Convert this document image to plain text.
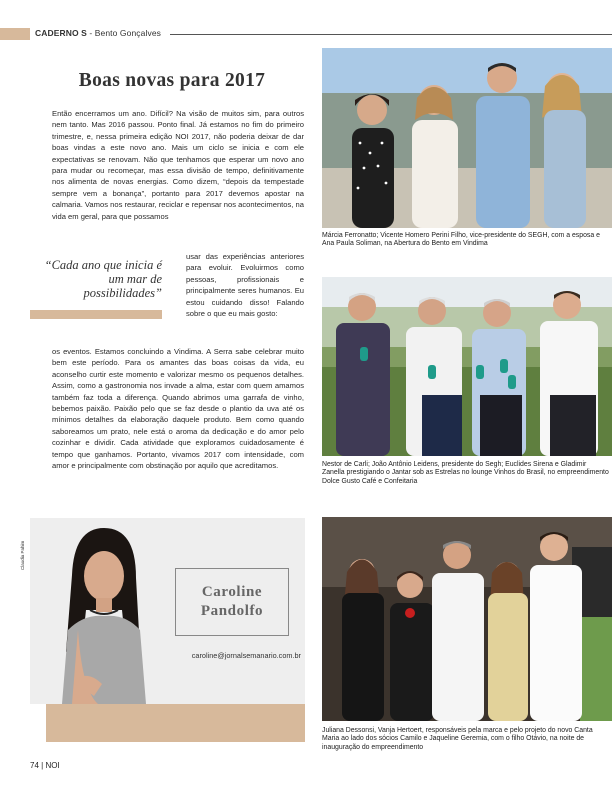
CADERNO S - Bento Gonçalves
Boas novas para 2017

Então encerramos um ano. Difícil? Na visão de muitos sim, para outros nem tanto. Mas 2016 passou. Ponto final. Já estamos no fim do primeiro trimestre, e, nessa primeira edição NOI 2017, não poderia deixar de dar boas vindas a este novo ano. Mais um ciclo se inicia e com ele expectativas se renovam. Não que tenhamos que esperar um novo ano para mudar ou recomeçar, mas essa divisão de tempo, definitivamente nos alimenta de novas energias. Como dizem, “depois da tempestade sempre vem a bonança”, portanto para 2017 devemos apostar na calmaria. Vamos nos restaurar, reciclar e repensar nos acontecimentos, na vida em geral, para que possamos

“Cada ano que inicia é um mar de possibilidades”

usar das experiências anteriores para evoluir. Evoluirmos como pessoas, profissionais e principalmente seres humanos. Eu estou cuidando disso! Falando sobre o que eu mais gosto:

os eventos. Estamos concluindo a Vindima. A Serra sabe celebrar muito bem este período. Para os amantes das boas coisas da vida, eu aconselho curtir este momento e valorizar mesmo os pequenos detalhes. Assim, como a gastronomia nos invade a alma, estar com quem amamos também faz toda a diferença. Quando abrimos uma garrafa de vinho, bebemos paixão. Paixão pelo que se faz desde o plantio da uva até os mínimos detalhes da elaboração daquele produto. Bem como quando saboreamos um prato, nele está o aroma da dedicação e do amor pelo cozinhar e dividir. Cada atividade que exploramos cuidadosamente é tempo que ganhamos. Portanto, vivamos 2017 com intensidade, com amor e principalmente com obstinação por aquilo que acreditamos.

Márcia Ferronatto; Vicente Homero Perini Filho, vice-presidente do SEGH, com a esposa e Ana Paula Soliman, na Abertura do Bento em Vindima

Nestor de Carli; João Antônio Leidens, presidente do Segh; Euclides Sirena e Gladimir Zanella prestigiando o Jantar sob as Estrelas no lounge Vinhos do Brasil, no empreendimento Dolce Gusto Café e Confeitaria

Juliana Dessonsi, Vanja Hertoert, responsáveis pela marca e pelo projeto do novo Canta Maria ao lado dos sócios Camilo e Jaqueline Geremia, com o filho Otávio, na noite de inauguração do empreendimento

Claudia Pahim
Caroline
Pandolfo
caroline@jornalsemanario.com.br
74 | NOI
